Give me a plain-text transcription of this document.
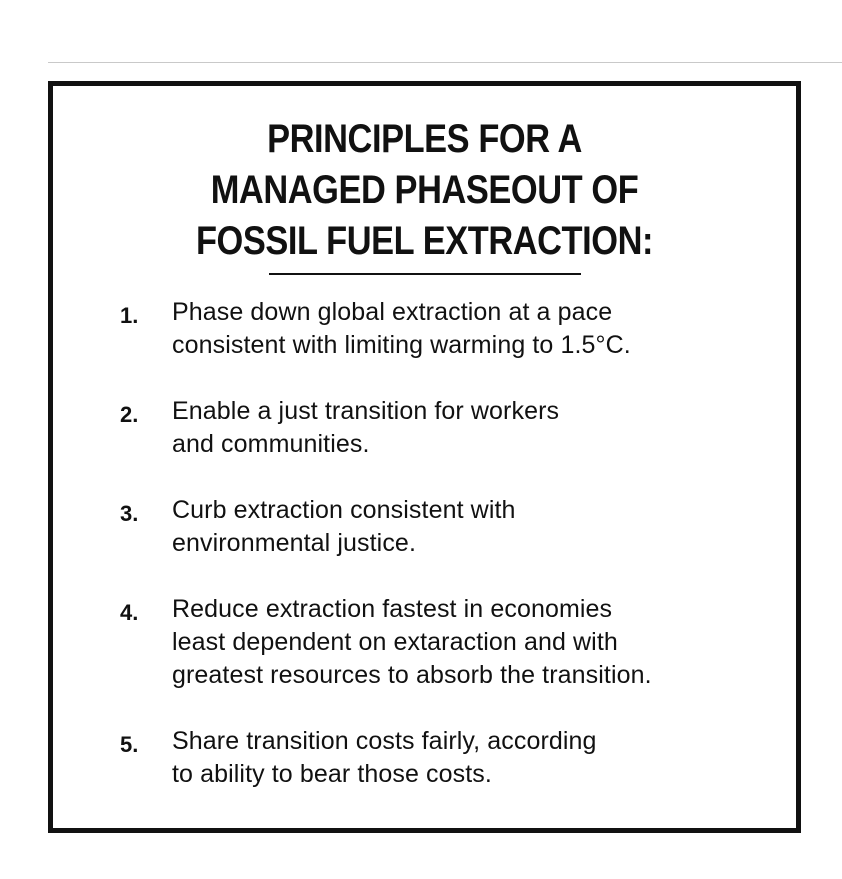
PRINCIPLES FOR A
MANAGED PHASEOUT OF
FOSSIL FUEL EXTRACTION:
1. Phase down global extraction at a pace
consistent with limiting warming to 1.5°C.
2. Enable a just transition for workers
and communities.
3. Curb extraction consistent with
environmental justice.
4. Reduce extraction fastest in economies
least dependent on extaraction and with
greatest resources to absorb the transition.
5. Share transition costs fairly, according
to ability to bear those costs.
